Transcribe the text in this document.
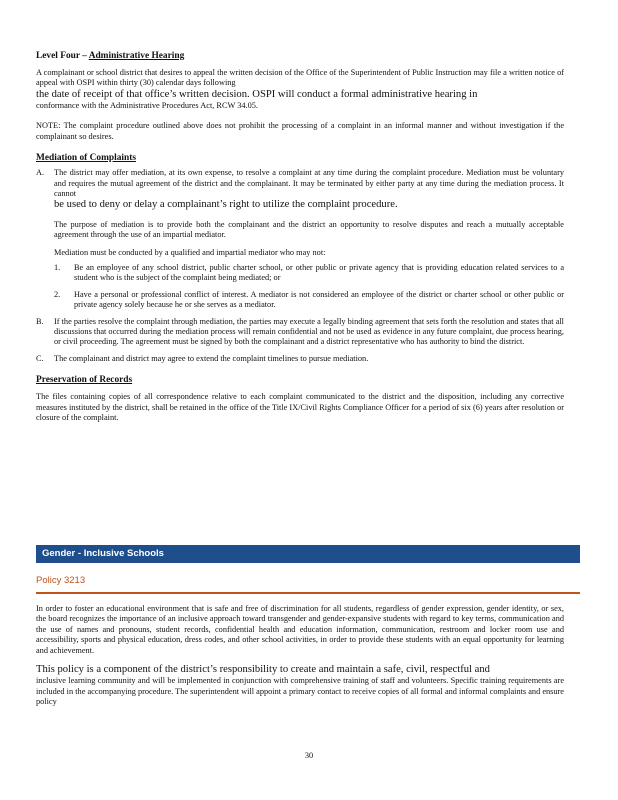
Level Four – Administrative Hearing

A complainant or school district that desires to appeal the written decision of the Office of the Superintendent of Public Instruction may file a written notice of appeal with OSPI within thirty (30) calendar days following

the date of receipt of that office’s written decision. OSPI will conduct a formal administrative hearing in

conformance with the Administrative Procedures Act, RCW 34.05.

NOTE: The complaint procedure outlined above does not prohibit the processing of a complaint in an informal manner and without investigation if the complainant so desires.

Mediation of Complaints

A. The district may offer mediation, at its own expense, to resolve a complaint at any time during the complaint procedure. Mediation must be voluntary and requires the mutual agreement of the district and the complainant. It may be terminated by either party at any time during the mediation process. It cannot

be used to deny or delay a complainant’s right to utilize the complaint procedure.

The purpose of mediation is to provide both the complainant and the district an opportunity to resolve disputes and reach a mutually acceptable agreement through the use of an impartial mediator.

Mediation must be conducted by a qualified and impartial mediator who may not:

1. Be an employee of any school district, public charter school, or other public or private agency that is providing education related services to a student who is the subject of the complaint being mediated; or

2. Have a personal or professional conflict of interest. A mediator is not considered an employee of the district or charter school or other public or private agency solely because he or she serves as a mediator.

B. If the parties resolve the complaint through mediation, the parties may execute a legally binding agreement that sets forth the resolution and states that all discussions that occurred during the mediation process will remain confidential and not be used as evidence in any future complaint, due process hearing, or civil proceeding. The agreement must be signed by both the complainant and a district representative who has authority to bind the district.

C. The complainant and district may agree to extend the complaint timelines to pursue mediation.

Preservation of Records

The files containing copies of all correspondence relative to each complaint communicated to the district and the disposition, including any corrective measures instituted by the district, shall be retained in the office of the Title IX/Civil Rights Compliance Officer for a period of six (6) years after resolution or closure of the complaint.

Gender - Inclusive Schools
Policy 3213

In order to foster an educational environment that is safe and free of discrimination for all students, regardless of gender expression, gender identity, or sex, the board recognizes the importance of an inclusive approach toward transgender and gender-expansive students with regard to key terms, communication and the use of names and pronouns, student records, confidential health and education information, communication, restroom and locker room use and accessibility, sports and physical education, dress codes, and other school activities, in order to provide these students with an equal opportunity for learning and achievement.

This policy is a component of the district’s responsibility to create and maintain a safe, civil, respectful and

inclusive learning community and will be implemented in conjunction with comprehensive training of staff and volunteers. Specific training requirements are included in the accompanying procedure. The superintendent will appoint a primary contact to receive copies of all formal and informal complaints and ensure policy

30
